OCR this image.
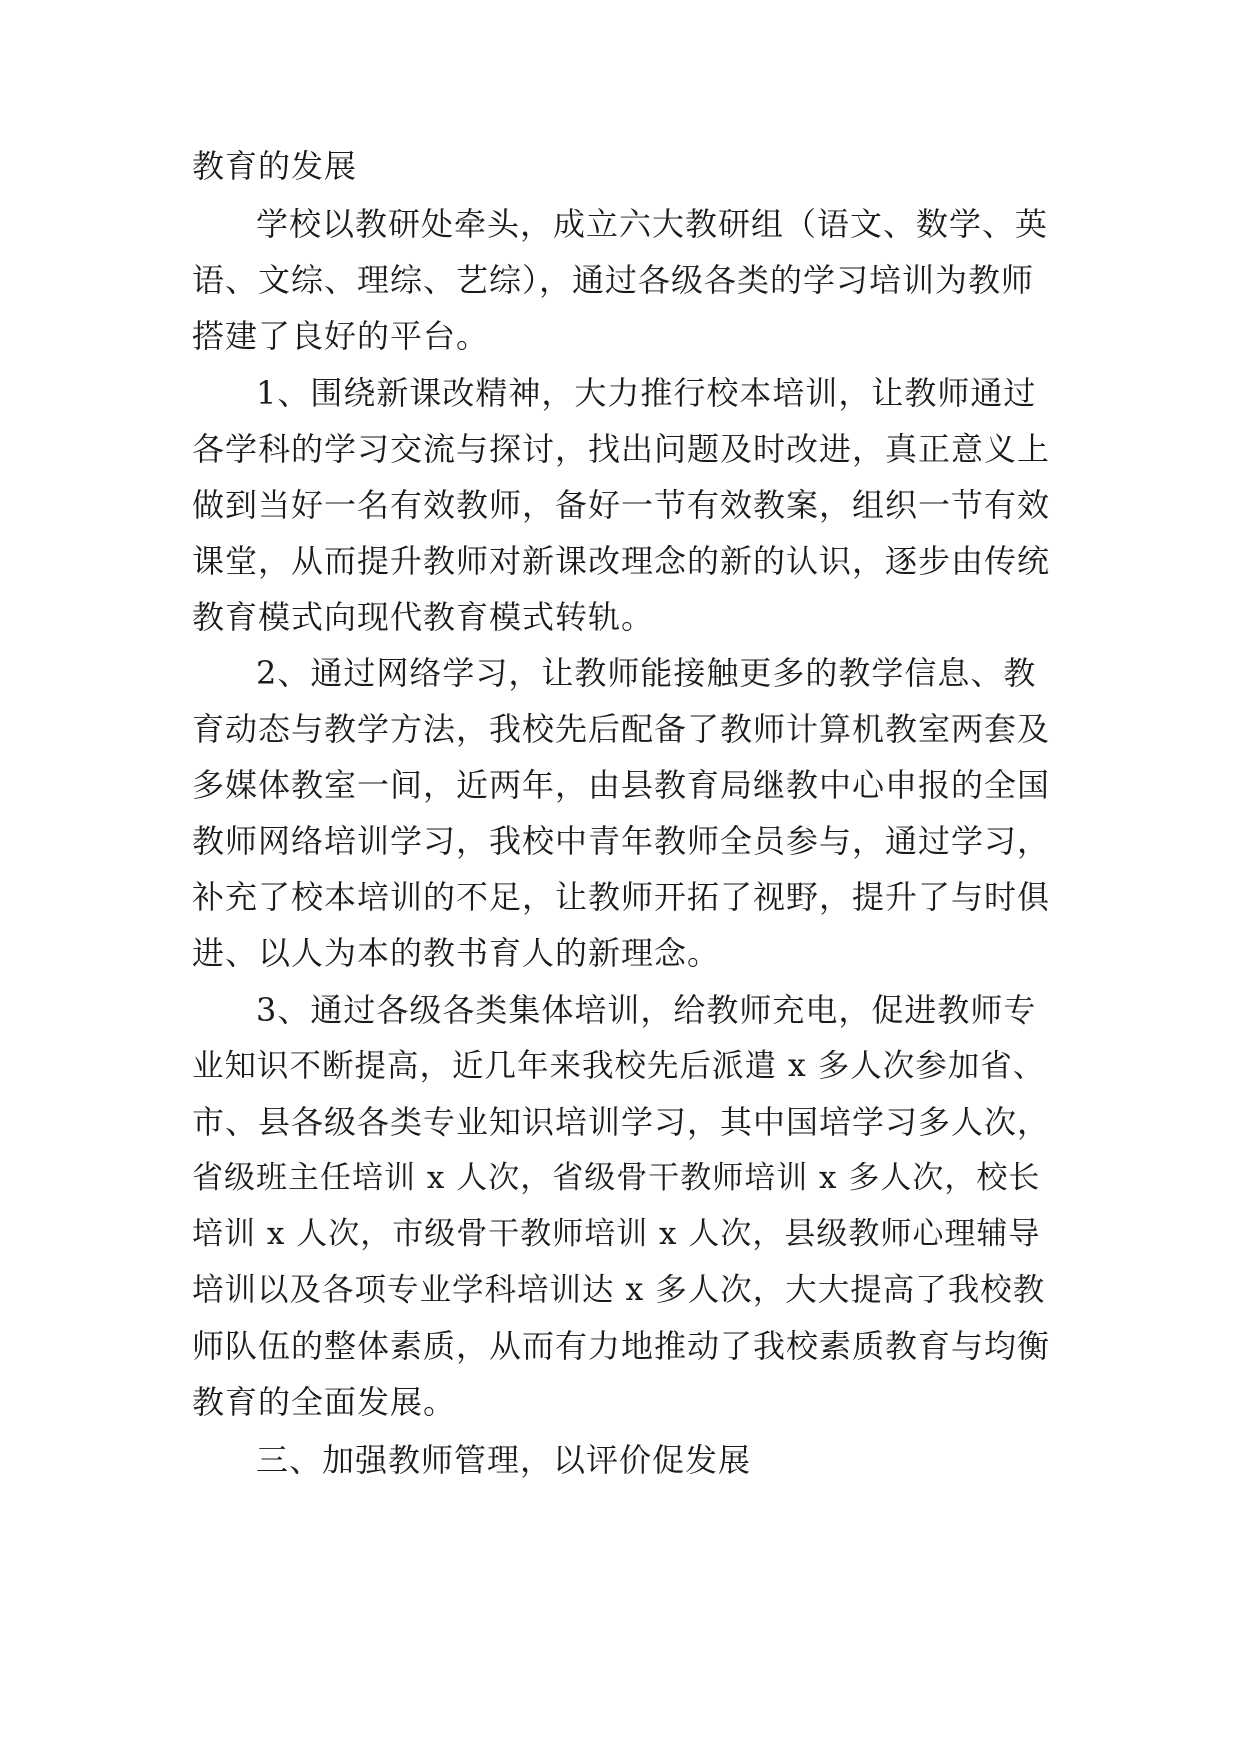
教育的发展
学校以教研处牵头，成立六大教研组（语文、数学、英
语、文综、理综、艺综），通过各级各类的学习培训为教师
搭建了良好的平台。
1、围绕新课改精神，大力推行校本培训，让教师通过
各学科的学习交流与探讨，找出问题及时改进，真正意义上
做到当好一名有效教师，备好一节有效教案，组织一节有效
课堂，从而提升教师对新课改理念的新的认识，逐步由传统
教育模式向现代教育模式转轨。
2、通过网络学习，让教师能接触更多的教学信息、教
育动态与教学方法，我校先后配备了教师计算机教室两套及
多媒体教室一间，近两年，由县教育局继教中心申报的全国
教师网络培训学习，我校中青年教师全员参与，通过学习，
补充了校本培训的不足，让教师开拓了视野，提升了与时俱
进、以人为本的教书育人的新理念。
3、通过各级各类集体培训，给教师充电，促进教师专
业知识不断提高，近几年来我校先后派遣 x 多人次参加省、
市、县各级各类专业知识培训学习，其中国培学习多人次，
省级班主任培训 x 人次，省级骨干教师培训 x 多人次，校长
培训 x 人次，市级骨干教师培训 x 人次，县级教师心理辅导
培训以及各项专业学科培训达 x 多人次，大大提高了我校教
师队伍的整体素质，从而有力地推动了我校素质教育与均衡
教育的全面发展。
三、加强教师管理，以评价促发展
